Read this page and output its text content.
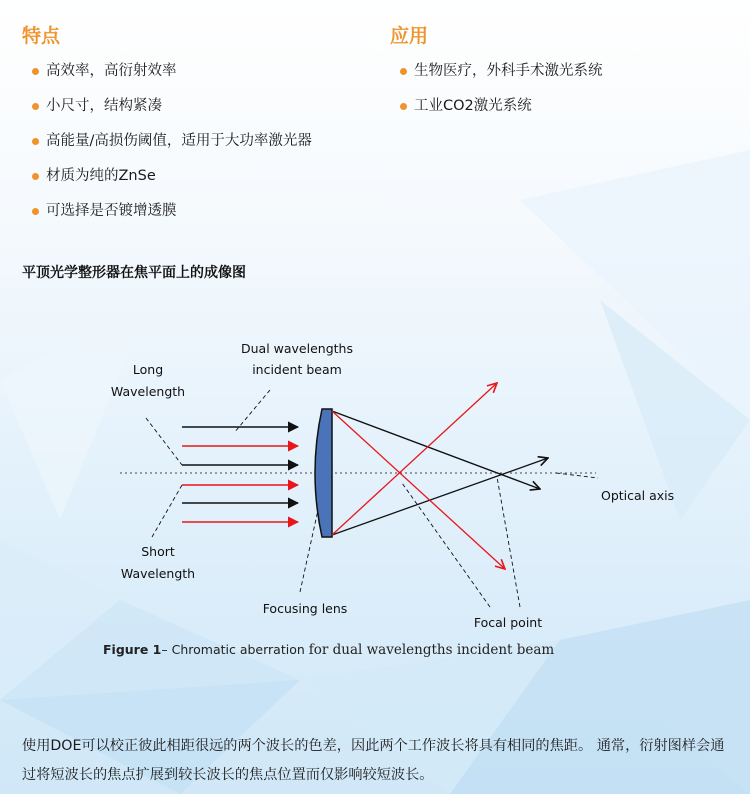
特点
高效率，高衍射效率
小尺寸，结构紧凑
高能量/高损伤阈值，适用于大功率激光器
材质为纯的ZnSe
可选择是否镀增透膜
应用
生物医疗，外科手术激光系统
工业CO2激光系统
平顶光学整形器在焦平面上的成像图
Long
Wavelength
Dual wavelengths
incident beam
Short
Wavelength
Optical axis
Focusing lens
Focal point
Figure 1– Chromatic aberration for dual wavelengths incident beam
使用DOE可以校正彼此相距很远的两个波长的色差，因此两个工作波长将具有相同的焦距。 通常，衍射图样会通过将短波长的焦点扩展到较长波长的焦点位置而仅影响较短波长。
